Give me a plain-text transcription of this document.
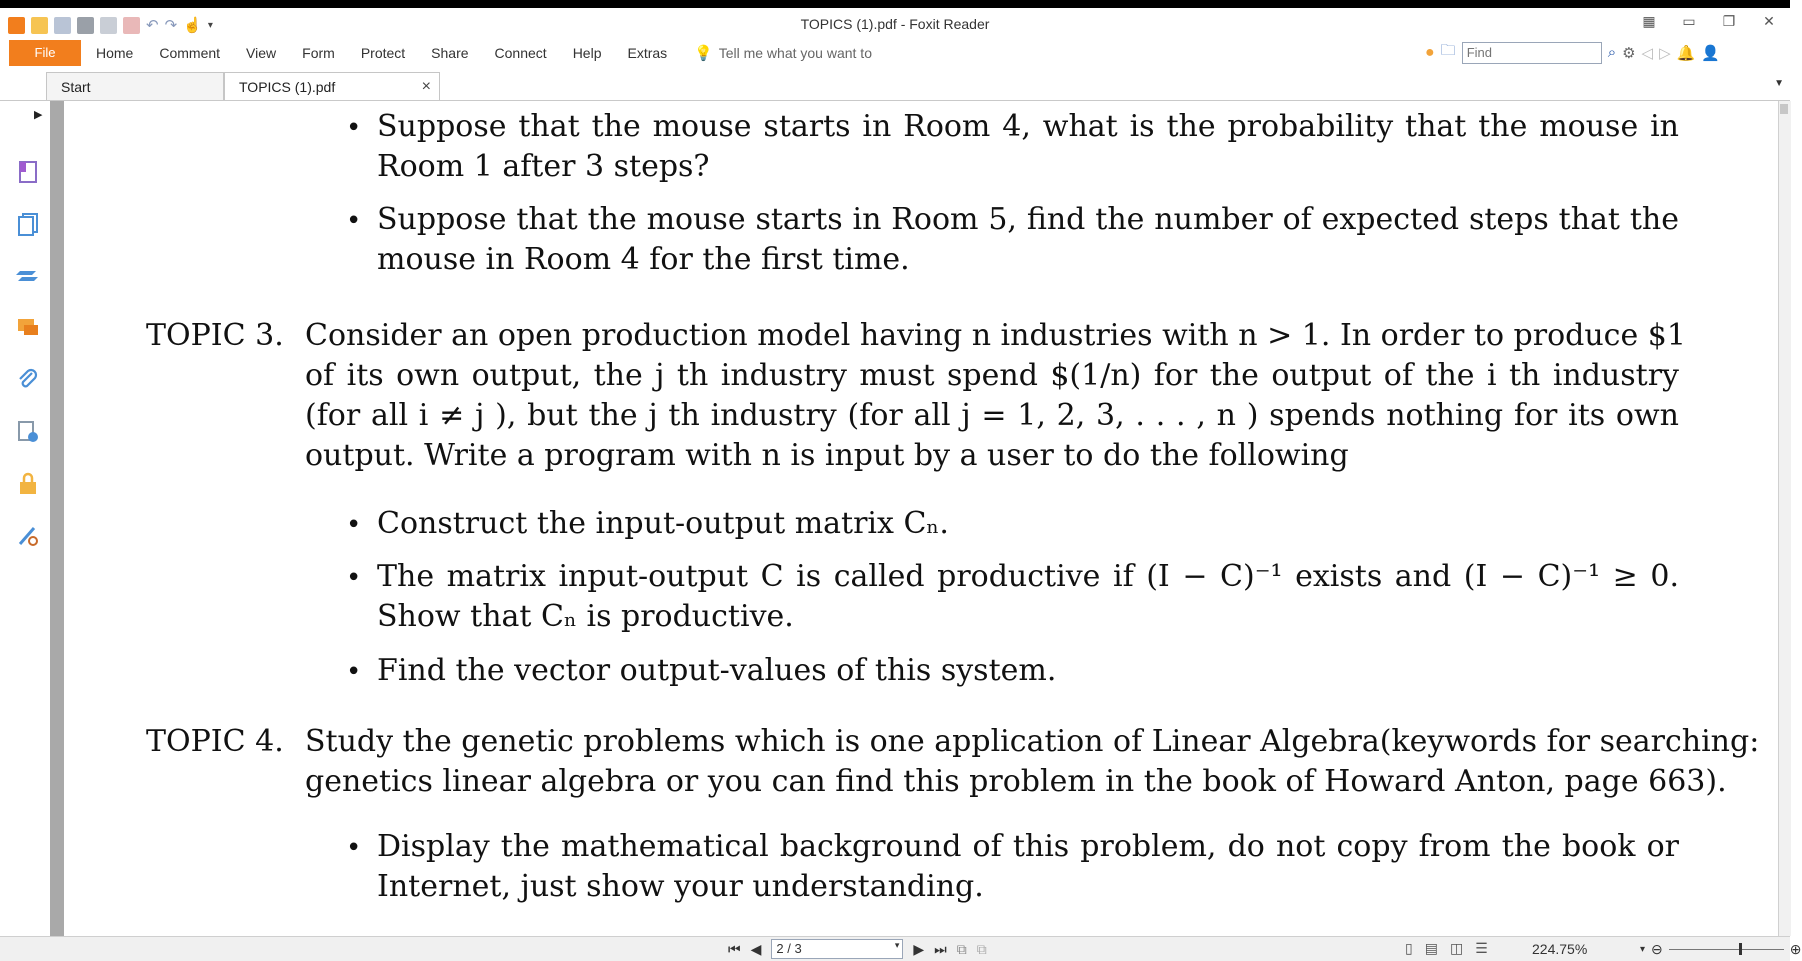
↶ ↷ ☝ ▾	TOPICS (1).pdf - Foxit Reader	▦ ▭ ❐ ✕
File	Home Comment View Form Protect Share Connect Help Extras 💡 Tell me what you want to	● 🗀
Find	⌕ ⚙ ◁ ▷ 🔔 👤
Start	TOPICS (1).pdf	×	▼
▶	• Suppose that the mouse starts in Room 4, what is the probability that the mouse in
Room 1 after 3 steps?
• Suppose that the mouse starts in Room 5, find the number of expected steps that the
mouse in Room 4 for the first time.
TOPIC 3. Consider an open production model having n industries with n > 1. In order to produce $1
of its own output, the j th industry must spend $(1/n) for the output of the i th industry
(for all i ≠ j ), but the j th industry (for all j = 1, 2, 3, . . . , n ) spends nothing for its own
output. Write a program with n is input by a user to do the following
• Construct the input-output matrix Cₙ.
• The matrix input-output C is called productive if (I − C)⁻¹ exists and (I − C)⁻¹ ≥ 0.
Show that Cₙ is productive.
• Find the vector output-values of this system.
TOPIC 4. Study the genetic problems which is one application of Linear Algebra(keywords for searching:
genetics linear algebra or you can find this problem in the book of Howard Anton, page 663).
• Display the mathematical background of this problem, do not copy from the book or
Internet, just show your understanding.
⏮ ◀	2 / 3	▾ ▶ ⏭ ⧉ ⧉	▯ ▤ ◫ ☰	224.75%	▾ ⊖	⊕
